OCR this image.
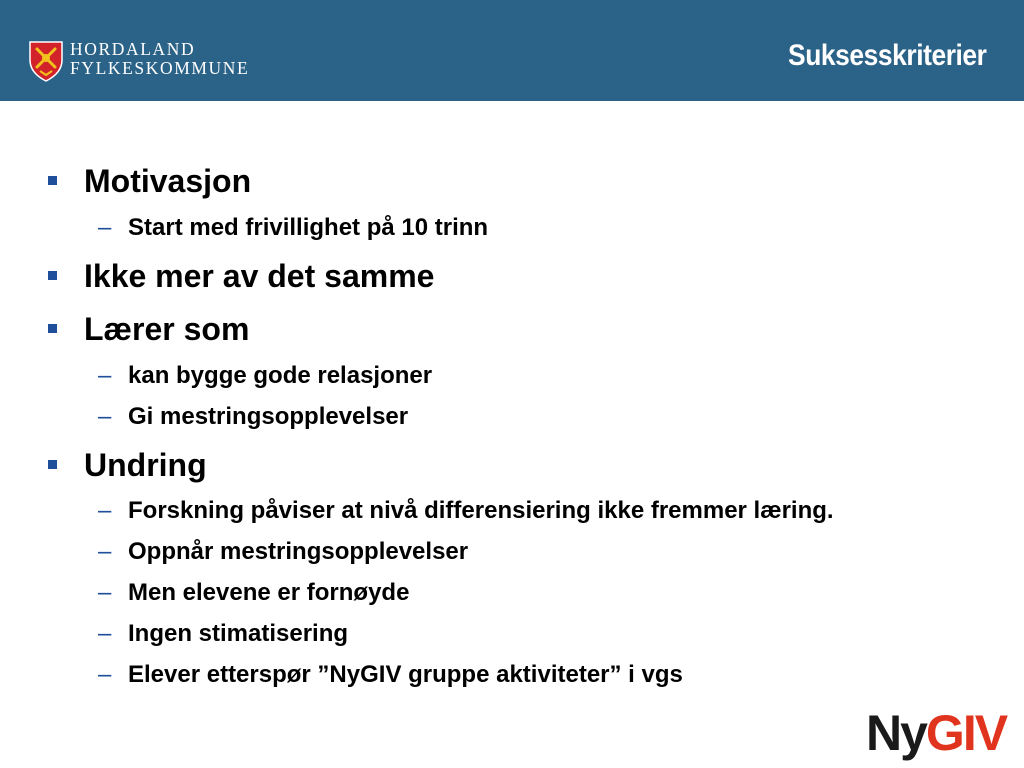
HORDALAND
FYLKESKOMMUNE	Suksesskriterier
Motivasjon
– Start med frivillighet på 10 trinn
Ikke mer av det samme
Lærer som
– kan bygge gode relasjoner
– Gi mestringsopplevelser
Undring
– Forskning påviser at nivå differensiering ikke fremmer læring.
– Oppnår mestringsopplevelser
– Men elevene er fornøyde
– Ingen stimatisering
– Elever etterspør ”NyGIV gruppe aktiviteter” i vgs
NyGIV
